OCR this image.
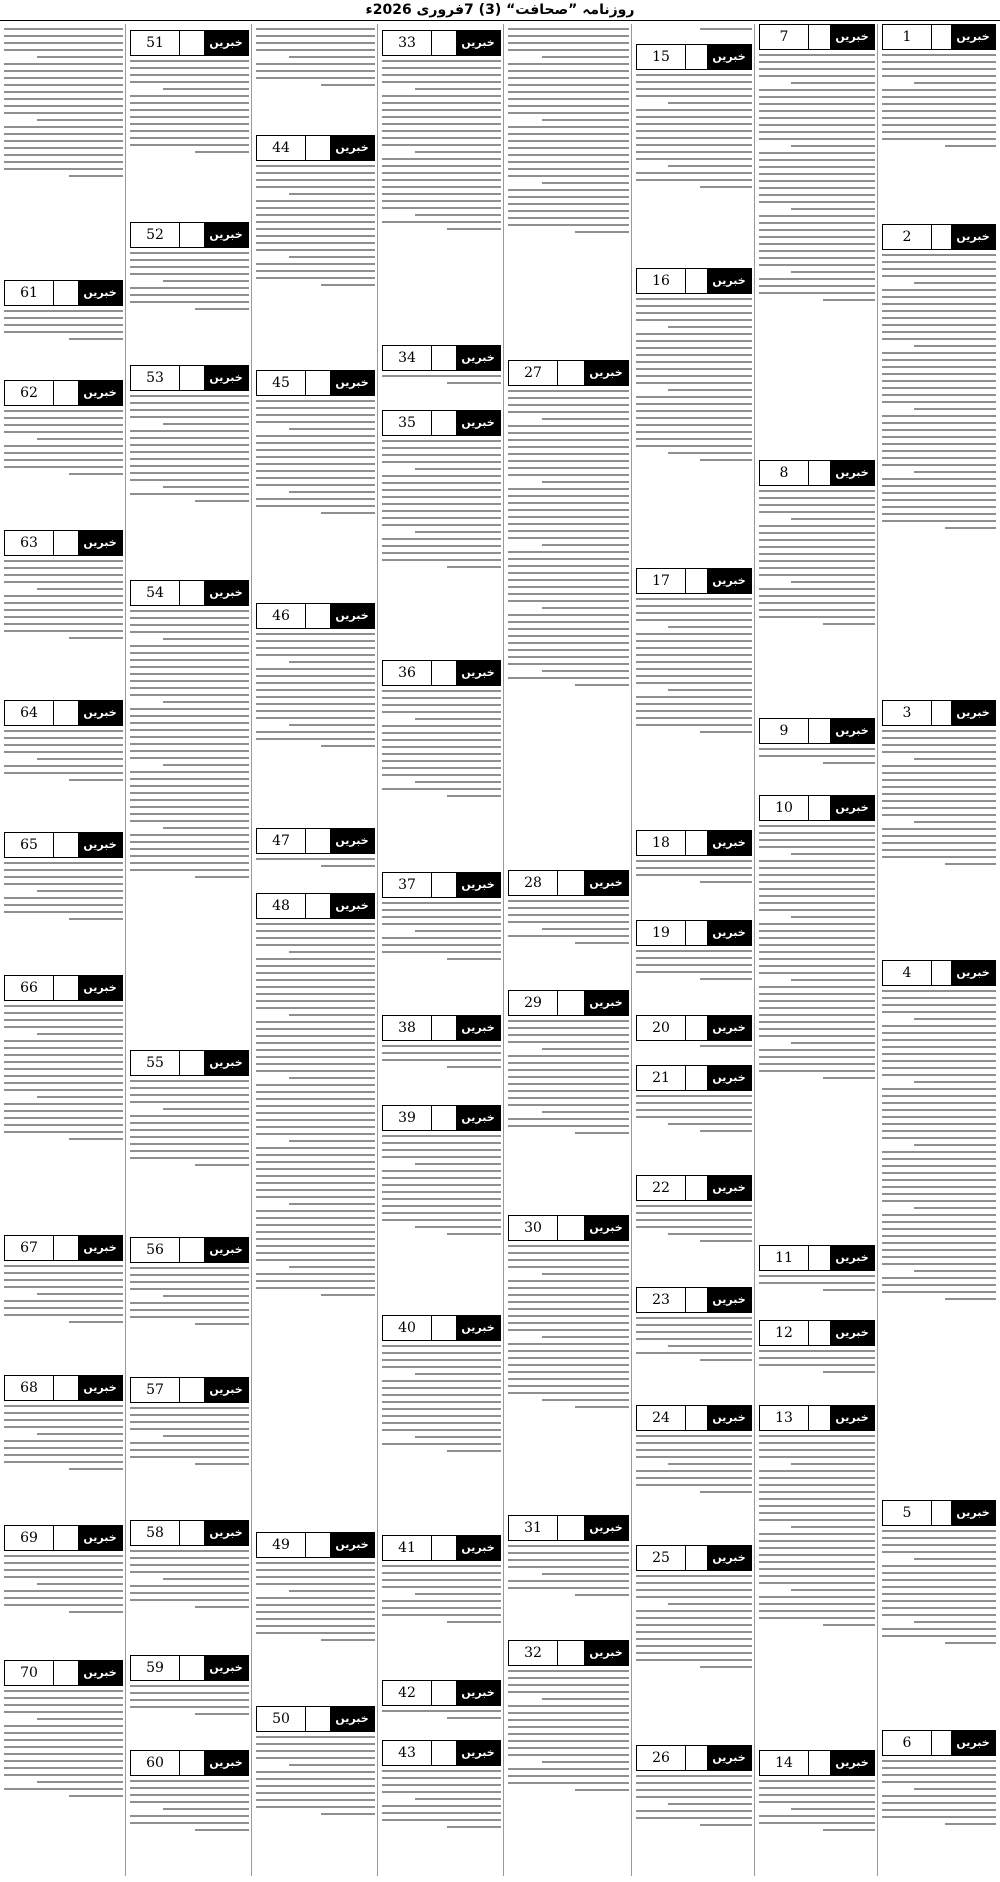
روزنامہ ”صحافت“ (3) 7فروری 2026ء
1	خبریں
2	خبریں
3	خبریں
4	خبریں
5	خبریں
6	خبریں
7	خبریں
8	خبریں
9	خبریں
10	خبریں
11	خبریں
12	خبریں
13	خبریں
14	خبریں
15	خبریں
16	خبریں
17	خبریں
18	خبریں
19	خبریں
20	خبریں
21	خبریں
22	خبریں
23	خبریں
24	خبریں
25	خبریں
26	خبریں
27	خبریں
28	خبریں
29	خبریں
30	خبریں
31	خبریں
32	خبریں
33	خبریں
34	خبریں
35	خبریں
36	خبریں
37	خبریں
38	خبریں
39	خبریں
40	خبریں
41	خبریں
42	خبریں
43	خبریں
44	خبریں
45	خبریں
46	خبریں
47	خبریں
48	خبریں
49	خبریں
50	خبریں
51	خبریں
52	خبریں
53	خبریں
54	خبریں
55	خبریں
56	خبریں
57	خبریں
58	خبریں
59	خبریں
60	خبریں
61	خبریں
62	خبریں
63	خبریں
64	خبریں
65	خبریں
66	خبریں
67	خبریں
68	خبریں
69	خبریں
70	خبریں
